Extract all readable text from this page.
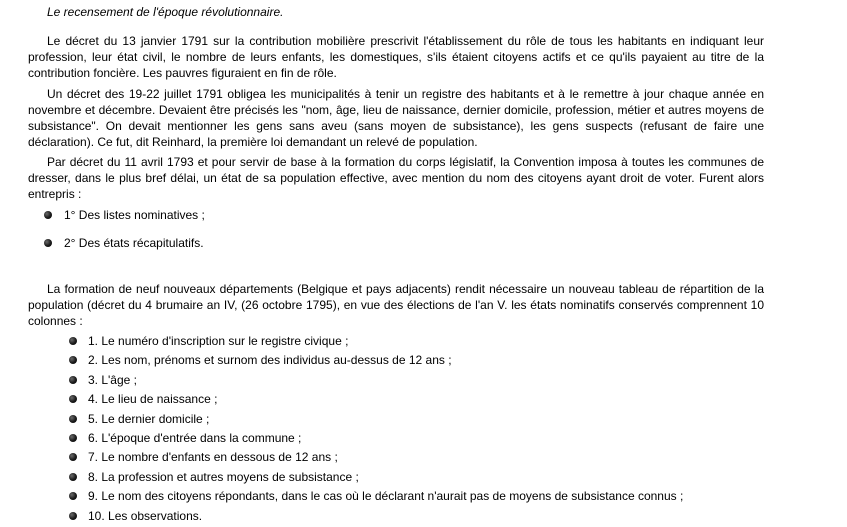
Le recensement de l'époque révolutionnaire.

Le décret du 13 janvier 1791 sur la contribution mobilière prescrivit l'établissement du rôle de tous les habitants en indiquant leur profession, leur état civil, le nombre de leurs enfants, les domestiques, s'ils étaient citoyens actifs et ce qu'ils payaient au titre de la contribution foncière. Les pauvres figuraient en fin de rôle.

Un décret des 19-22 juillet 1791 obligea les municipalités à tenir un registre des habitants et à le remettre à jour chaque année en novembre et décembre. Devaient être précisés les "nom, âge, lieu de naissance, dernier domicile, profession, métier et autres moyens de subsistance". On devait mentionner les gens sans aveu (sans moyen de subsistance), les gens suspects (refusant de faire une déclaration). Ce fut, dit Reinhard, la première loi demandant un relevé de population.

Par décret du 11 avril 1793 et pour servir de base à la formation du corps législatif, la Convention imposa à toutes les communes de dresser, dans le plus bref délai, un état de sa population effective, avec mention du nom des citoyens ayant droit de voter. Furent alors entrepris :

1° Des listes nominatives ;
2° Des états récapitulatifs.

La formation de neuf nouveaux départements (Belgique et pays adjacents) rendit nécessaire un nouveau tableau de répartition de la population (décret du 4 brumaire an IV, (26 octobre 1795), en vue des élections de l'an V. les états nominatifs conservés comprennent 10 colonnes :

1. Le numéro d'inscription sur le registre civique ;
2. Les nom, prénoms et surnom des individus au-dessus de 12 ans ;
3. L'âge ;
4. Le lieu de naissance ;
5. Le dernier domicile ;
6. L'époque d'entrée dans la commune ;
7. Le nombre d'enfants en dessous de 12 ans ;
8. La profession et autres moyens de subsistance ;
9. Le nom des citoyens répondants, dans le cas où le déclarant n'aurait pas de moyens de subsistance connus ;
10. Les observations.
